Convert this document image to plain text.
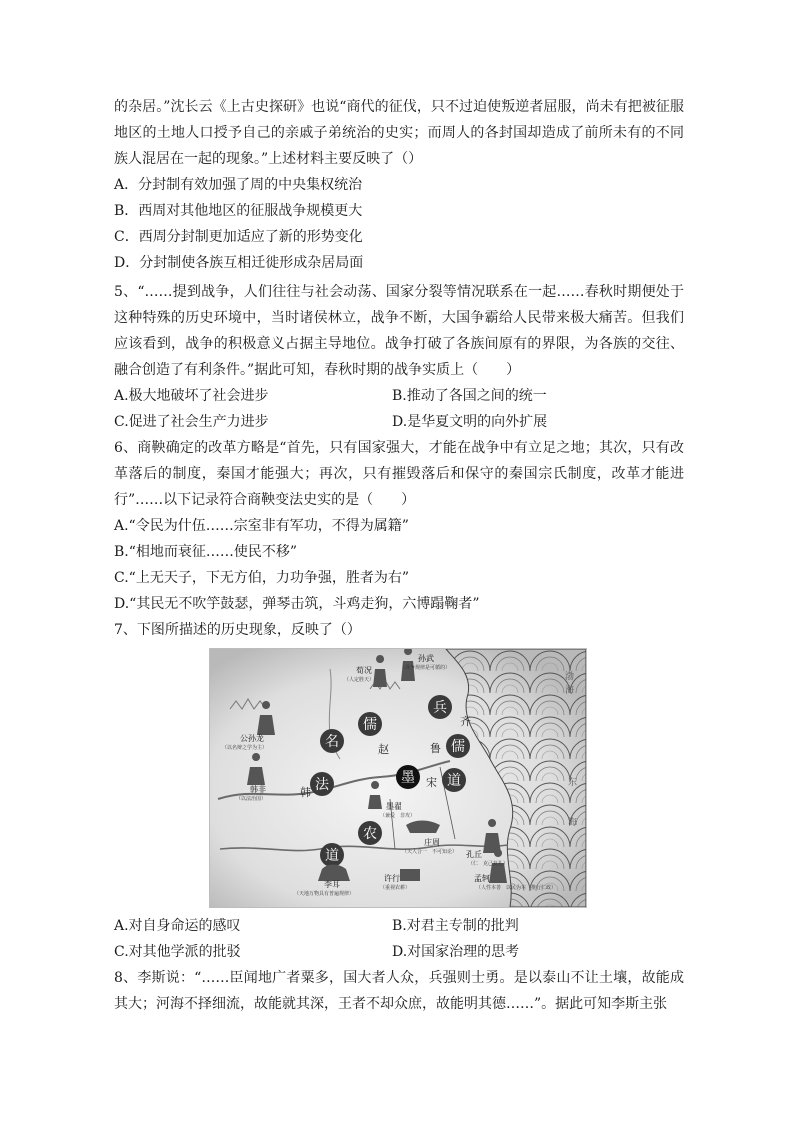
的杂居。”沈长云《上古史探研》也说“商代的征伐，只不过迫使叛逆者屈服，尚未有把被征服地区的土地人口授予自己的亲戚子弟统治的史实；而周人的各封国却造成了前所未有的不同族人混居在一起的现象。”上述材料主要反映了（）

A．分封制有效加强了周的中央集权统治

B．西周对其他地区的征服战争规模更大

C．西周分封制更加适应了新的形势变化

D．分封制使各族互相迁徙形成杂居局面

5、“……提到战争，人们往往与社会动荡、国家分裂等情况联系在一起……春秋时期便处于这种特殊的历史环境中，当时诸侯林立，战争不断，大国争霸给人民带来极大痛苦。但我们应该看到，战争的积极意义占据主导地位。战争打破了各族间原有的界限，为各族的交往、融合创造了有利条件。”据此可知，春秋时期的战争实质上（　　）

A.极大地破坏了社会进步	B.推动了各国之间的统一

C.促进了社会生产力进步	D.是华夏文明的向外扩展

6、商鞅确定的改革方略是“首先，只有国家强大，才能在战争中有立足之地；其次，只有改革落后的制度，秦国才能强大；再次，只有摧毁落后和保守的秦国宗氏制度，改革才能进行”……以下记录符合商鞅变法史实的是（　　）

A.“令民为什伍……宗室非有军功，不得为属籍”

B.“相地而衰征……使民不移”

C.“上无天子，下无方伯，力功争强，胜者为右”

D.“其民无不吹竽鼓瑟，弹琴击筑，斗鸡走狗，六博蹋鞠者”

7、下图所描述的历史现象，反映了（）

渤
海
东
海
儒
名
兵
儒
墨 道
法
农
道
赵
齐
鲁
宋
韩
荀况
孙武
公孙龙
韩非
墨翟
庄周
孔丘
孟轲
李耳
许行
（人定胜天）
（战争规律是可循的）
（以名辩之学为主）
（以法治国）
（兼爱　非攻）
（天人合一　不可知论）
（仁　克己复礼）
（人性本善　以民为本　推行仁政）
（天地万物具有普遍规律）
（重视农耕）

A.对自身命运的感叹	B.对君主专制的批判

C.对其他学派的批驳	D.对国家治理的思考

8、李斯说：“……臣闻地广者粟多，国大者人众，兵强则士勇。是以泰山不让土壤，故能成其大；河海不择细流，故能就其深，王者不却众庶，故能明其德……”。据此可知李斯主张
